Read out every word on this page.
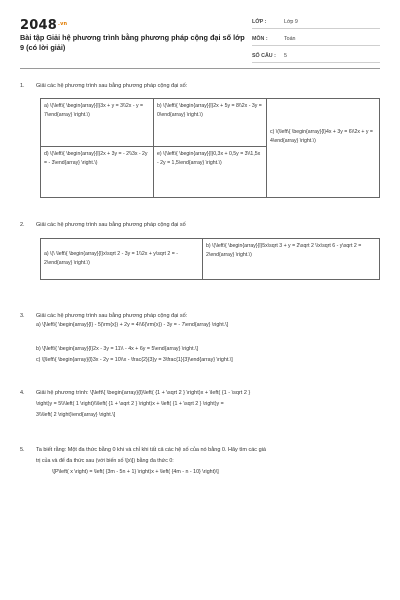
$2048^{.vn}$
Bài tập Giải hệ phương trình bằng phương pháp cộng đại số lớp 9 (có lời giải)
LỚP :	Lớp 9
MÔN :	Toán
SỐ CÂU :	5
1.	Giải các hệ phương trình sau bằng phương pháp cộng đại số:
a) \(\left\{ \begin{array}{l}3x + y = 3\\2x - y = 7\end{array} \right.\)
b) \(\left\{ \begin{array}{l}2x + 5y = 8\\2x - 3y = 0\end{array} \right.\)
c) \(\left\{ \begin{array}{l}4x + 3y = 6\\2x + y = 4\end{array} \right.\)
d) \(\left\{ \begin{array}{l}2x + 3y = - 2\\3x - 2y = - 3\end{array} \right.\)
e) \(\left\{ \begin{array}{l}0,3x + 0,5y = 3\\1,5x - 2y = 1,5\end{array} \right.\)
2.	Giải các hệ phương trình sau bằng phương pháp cộng đại số
a) \(\ \left\{ \begin{array}{l}x\sqrt 2 - 3y = 1\\2x + y\sqrt 2 = - 2\end{array} \right.\)
b) \(\left\{ \begin{array}{l}5x\sqrt 3 + y = 2\sqrt 2 \\x\sqrt 6 - y\sqrt 2 = 2\end{array} \right.\)
3.	Giải các hệ phương trình sau bằng phương pháp cộng đại số:
a) \[\left\{ \begin{array}{l} - 5(\rm{x}) + 2y = 4\\6(\rm{x}) - 3y = - 7\end{array} \right.\]
b) \[\left\{ \begin{array}{l}2x - 3y = 11\\ - 4x + 6y = 5\end{array} \right.\]
c) \[\left\{ \begin{array}{l}3x - 2y = 10\\x - \frac{2}{3}y = 3\frac{1}{3}\end{array} \right.\]
4.	Giải hệ phương trình: \[\left\{ \begin{array}{l}\left( {1 + \sqrt 2 } \right)x + \left( {1 - \sqrt 2 }
\right)y = 5\\\left( 1 \right)\\\left( {1 + \sqrt 2 } \right)x + \left( {1 + \sqrt 2 } \right)y =
3\\\left( 2 \right)\end{array} \right.\]
5.	Ta biết rằng: Một đa thức bằng 0 khi và chỉ khi tất cả các hệ số của nó bằng 0. Hãy tìm các giá
trị của và để đa thức sau (với biến số \[x\]) bằng đa thức 0:
\[P\left( x \right) = \left( {3m - 5n + 1} \right)x + \left( {4m - n - 10} \right)\]
